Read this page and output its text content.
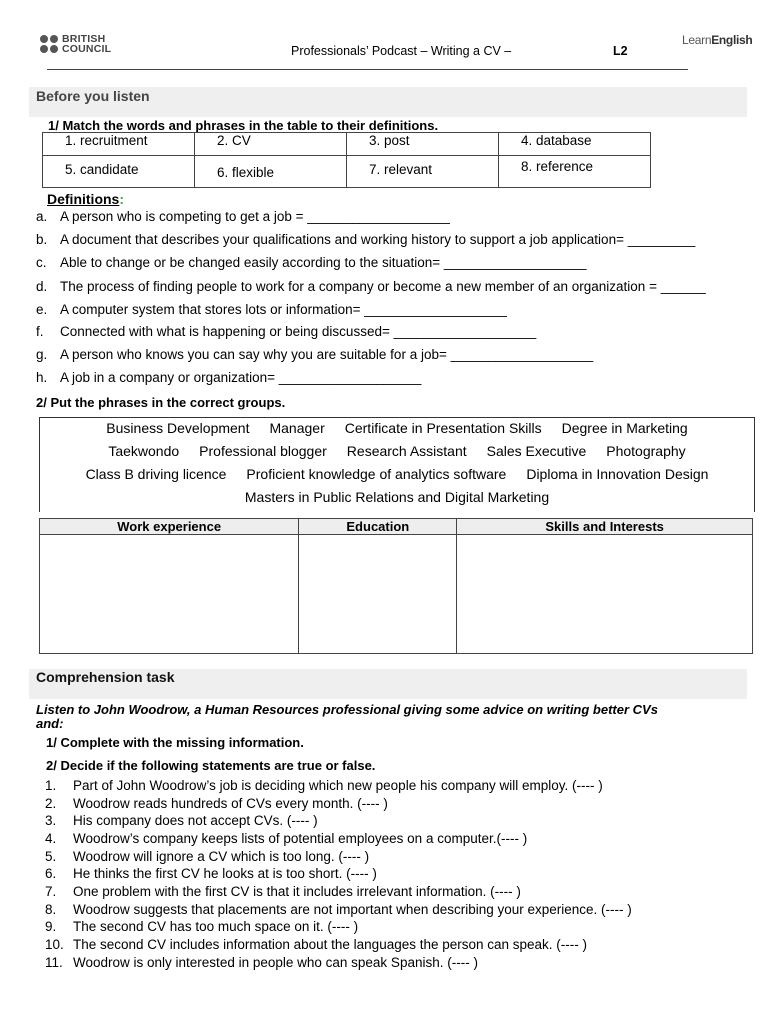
BRITISH
COUNCIL
LearnEnglish
Professionals’ Podcast – Writing a CV –	L2
Before you listen
1/ Match the words and phrases in the table to their definitions.
1. recruitment	2. CV	3. post	4. database
5. candidate	6. flexible	7. relevant	8. reference
Definitions:
a. A person who is competing to get a job = ___________________
b. A document that describes your qualifications and working history to support a job application= _________
c. Able to change or be changed easily according to the situation= ___________________
d. The process of finding people to work for a company or become a new member of an organization = ______
e. A computer system that stores lots or information= ___________________
f.	Connected with what is happening or being discussed= ___________________
g. A person who knows you can say why you are suitable for a job= ___________________
h. A job in a company or organization= ___________________
2/ Put the phrases in the correct groups.
Business Development Manager Certificate in Presentation Skills Degree in Marketing
Taekwondo Professional blogger Research Assistant Sales Executive Photography
Class B driving licence Proficient knowledge of analytics software Diploma in Innovation Design
Masters in Public Relations and Digital Marketing
Work experience	Education	Skills and Interests

Comprehension task
Listen to John Woodrow, a Human Resources professional giving some advice on writing better CVs
and:
1/ Complete with the missing information.
2/ Decide if the following statements are true or false.
1.	Part of John Woodrow’s job is deciding which new people his company will employ. (---- )
2.	Woodrow reads hundreds of CVs every month. (---- )
3.	His company does not accept CVs. (---- )
4.	Woodrow’s company keeps lists of potential employees on a computer.(---- )
5.	Woodrow will ignore a CV which is too long. (---- )
6.	He thinks the first CV he looks at is too short. (---- )
7.	One problem with the first CV is that it includes irrelevant information. (---- )
8.	Woodrow suggests that placements are not important when describing your experience. (---- )
9.	The second CV has too much space on it. (---- )
10. The second CV includes information about the languages the person can speak. (---- )
11. Woodrow is only interested in people who can speak Spanish. (---- )
